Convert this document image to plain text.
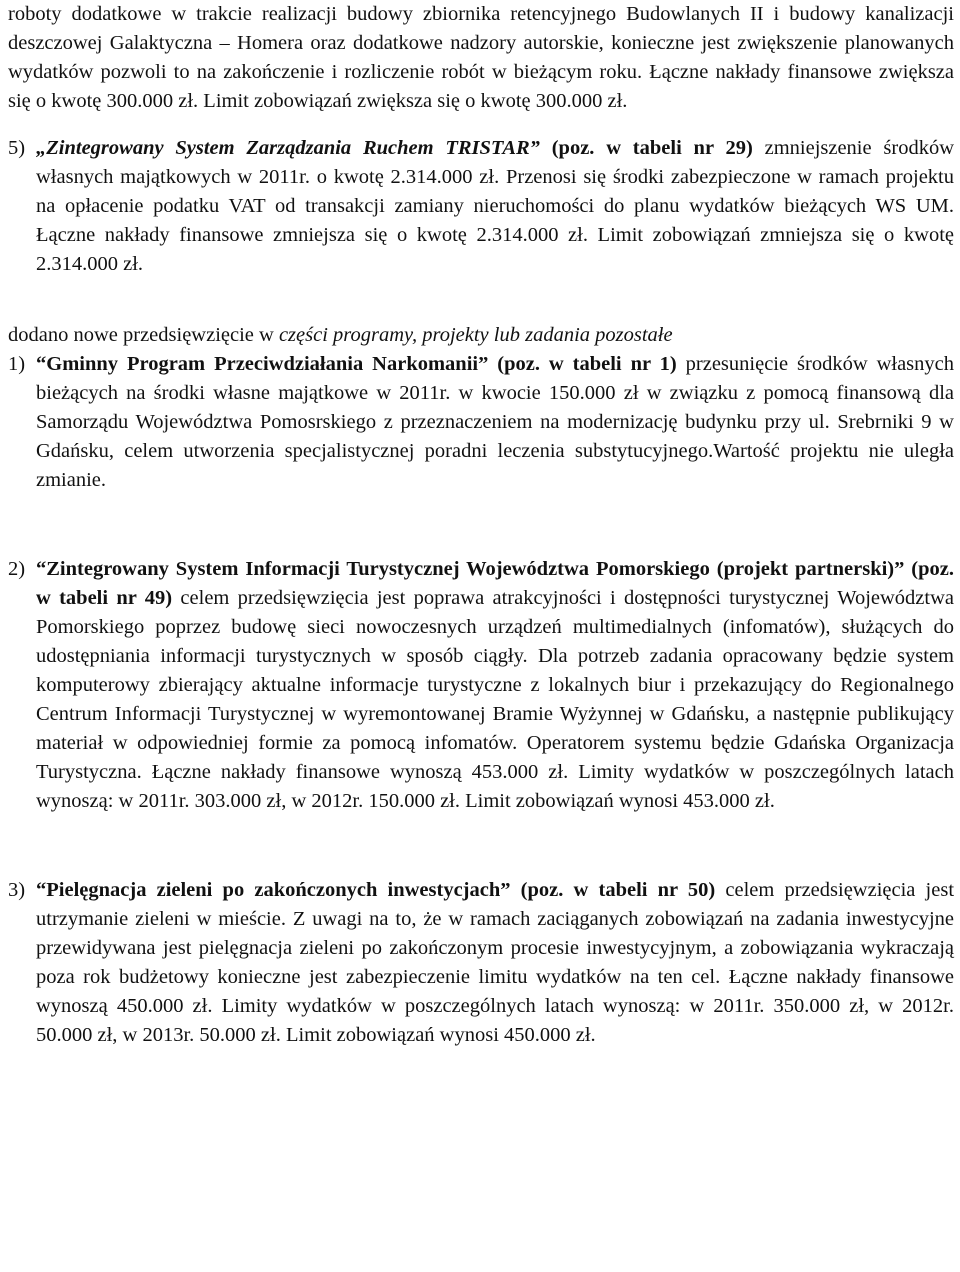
roboty dodatkowe w trakcie realizacji budowy zbiornika retencyjnego Budowlanych II i budowy kanalizacji deszczowej Galaktyczna – Homera oraz dodatkowe nadzory autorskie, konieczne jest zwiększenie planowanych wydatków pozwoli to na zakończenie i rozliczenie robót w bieżącym roku. Łączne nakłady finansowe zwiększa się o kwotę 300.000 zł. Limit zobowiązań zwiększa się o kwotę 300.000 zł.

5) „Zintegrowany System Zarządzania Ruchem TRISTAR” (poz. w tabeli nr 29) zmniejszenie środków własnych majątkowych w 2011r. o kwotę 2.314.000 zł. Przenosi się środki zabezpieczone w ramach projektu na opłacenie podatku VAT od transakcji zamiany nieruchomości do planu wydatków bieżących WS UM. Łączne nakłady finansowe zmniejsza się o kwotę 2.314.000 zł. Limit zobowiązań zmniejsza się o kwotę 2.314.000 zł.

dodano nowe przedsięwzięcie w części programy, projekty lub zadania pozostałe

1) “Gminny Program Przeciwdziałania Narkomanii” (poz. w tabeli nr 1) przesunięcie środków własnych bieżących na środki własne majątkowe w 2011r. w kwocie 150.000 zł w związku z pomocą finansową dla Samorządu Województwa Pomosrskiego z przeznaczeniem na modernizację budynku przy ul. Srebrniki 9 w Gdańsku, celem utworzenia specjalistycznej poradni leczenia substytucyjnego.Wartość projektu nie uległa zmianie.

2) “Zintegrowany System Informacji Turystycznej Województwa Pomorskiego (projekt partnerski)” (poz. w tabeli nr 49) celem przedsięwzięcia jest poprawa atrakcyjności i dostępności turystycznej Województwa Pomorskiego poprzez budowę sieci nowoczesnych urządzeń multimedialnych (infomatów), służących do udostępniania informacji turystycznych w sposób ciągły. Dla potrzeb zadania opracowany będzie system komputerowy zbierający aktualne informacje turystyczne z lokalnych biur i przekazujący do Regionalnego Centrum Informacji Turystycznej w wyremontowanej Bramie Wyżynnej w Gdańsku, a następnie publikujący materiał w odpowiedniej formie za pomocą infomatów. Operatorem systemu będzie Gdańska Organizacja Turystyczna. Łączne nakłady finansowe wynoszą 453.000 zł. Limity wydatków w poszczególnych latach wynoszą: w 2011r. 303.000 zł, w 2012r. 150.000 zł. Limit zobowiązań wynosi 453.000 zł.

3) “Pielęgnacja zieleni po zakończonych inwestycjach” (poz. w tabeli nr 50) celem przedsięwzięcia jest utrzymanie zieleni w mieście. Z uwagi na to, że w ramach zaciąganych zobowiązań na zadania inwestycyjne przewidywana jest pielęgnacja zieleni po zakończonym procesie inwestycyjnym, a zobowiązania wykraczają poza rok budżetowy konieczne jest zabezpieczenie limitu wydatków na ten cel. Łączne nakłady finansowe wynoszą 450.000 zł. Limity wydatków w poszczególnych latach wynoszą: w 2011r. 350.000 zł, w 2012r. 50.000 zł, w 2013r. 50.000 zł. Limit zobowiązań wynosi 450.000 zł.
